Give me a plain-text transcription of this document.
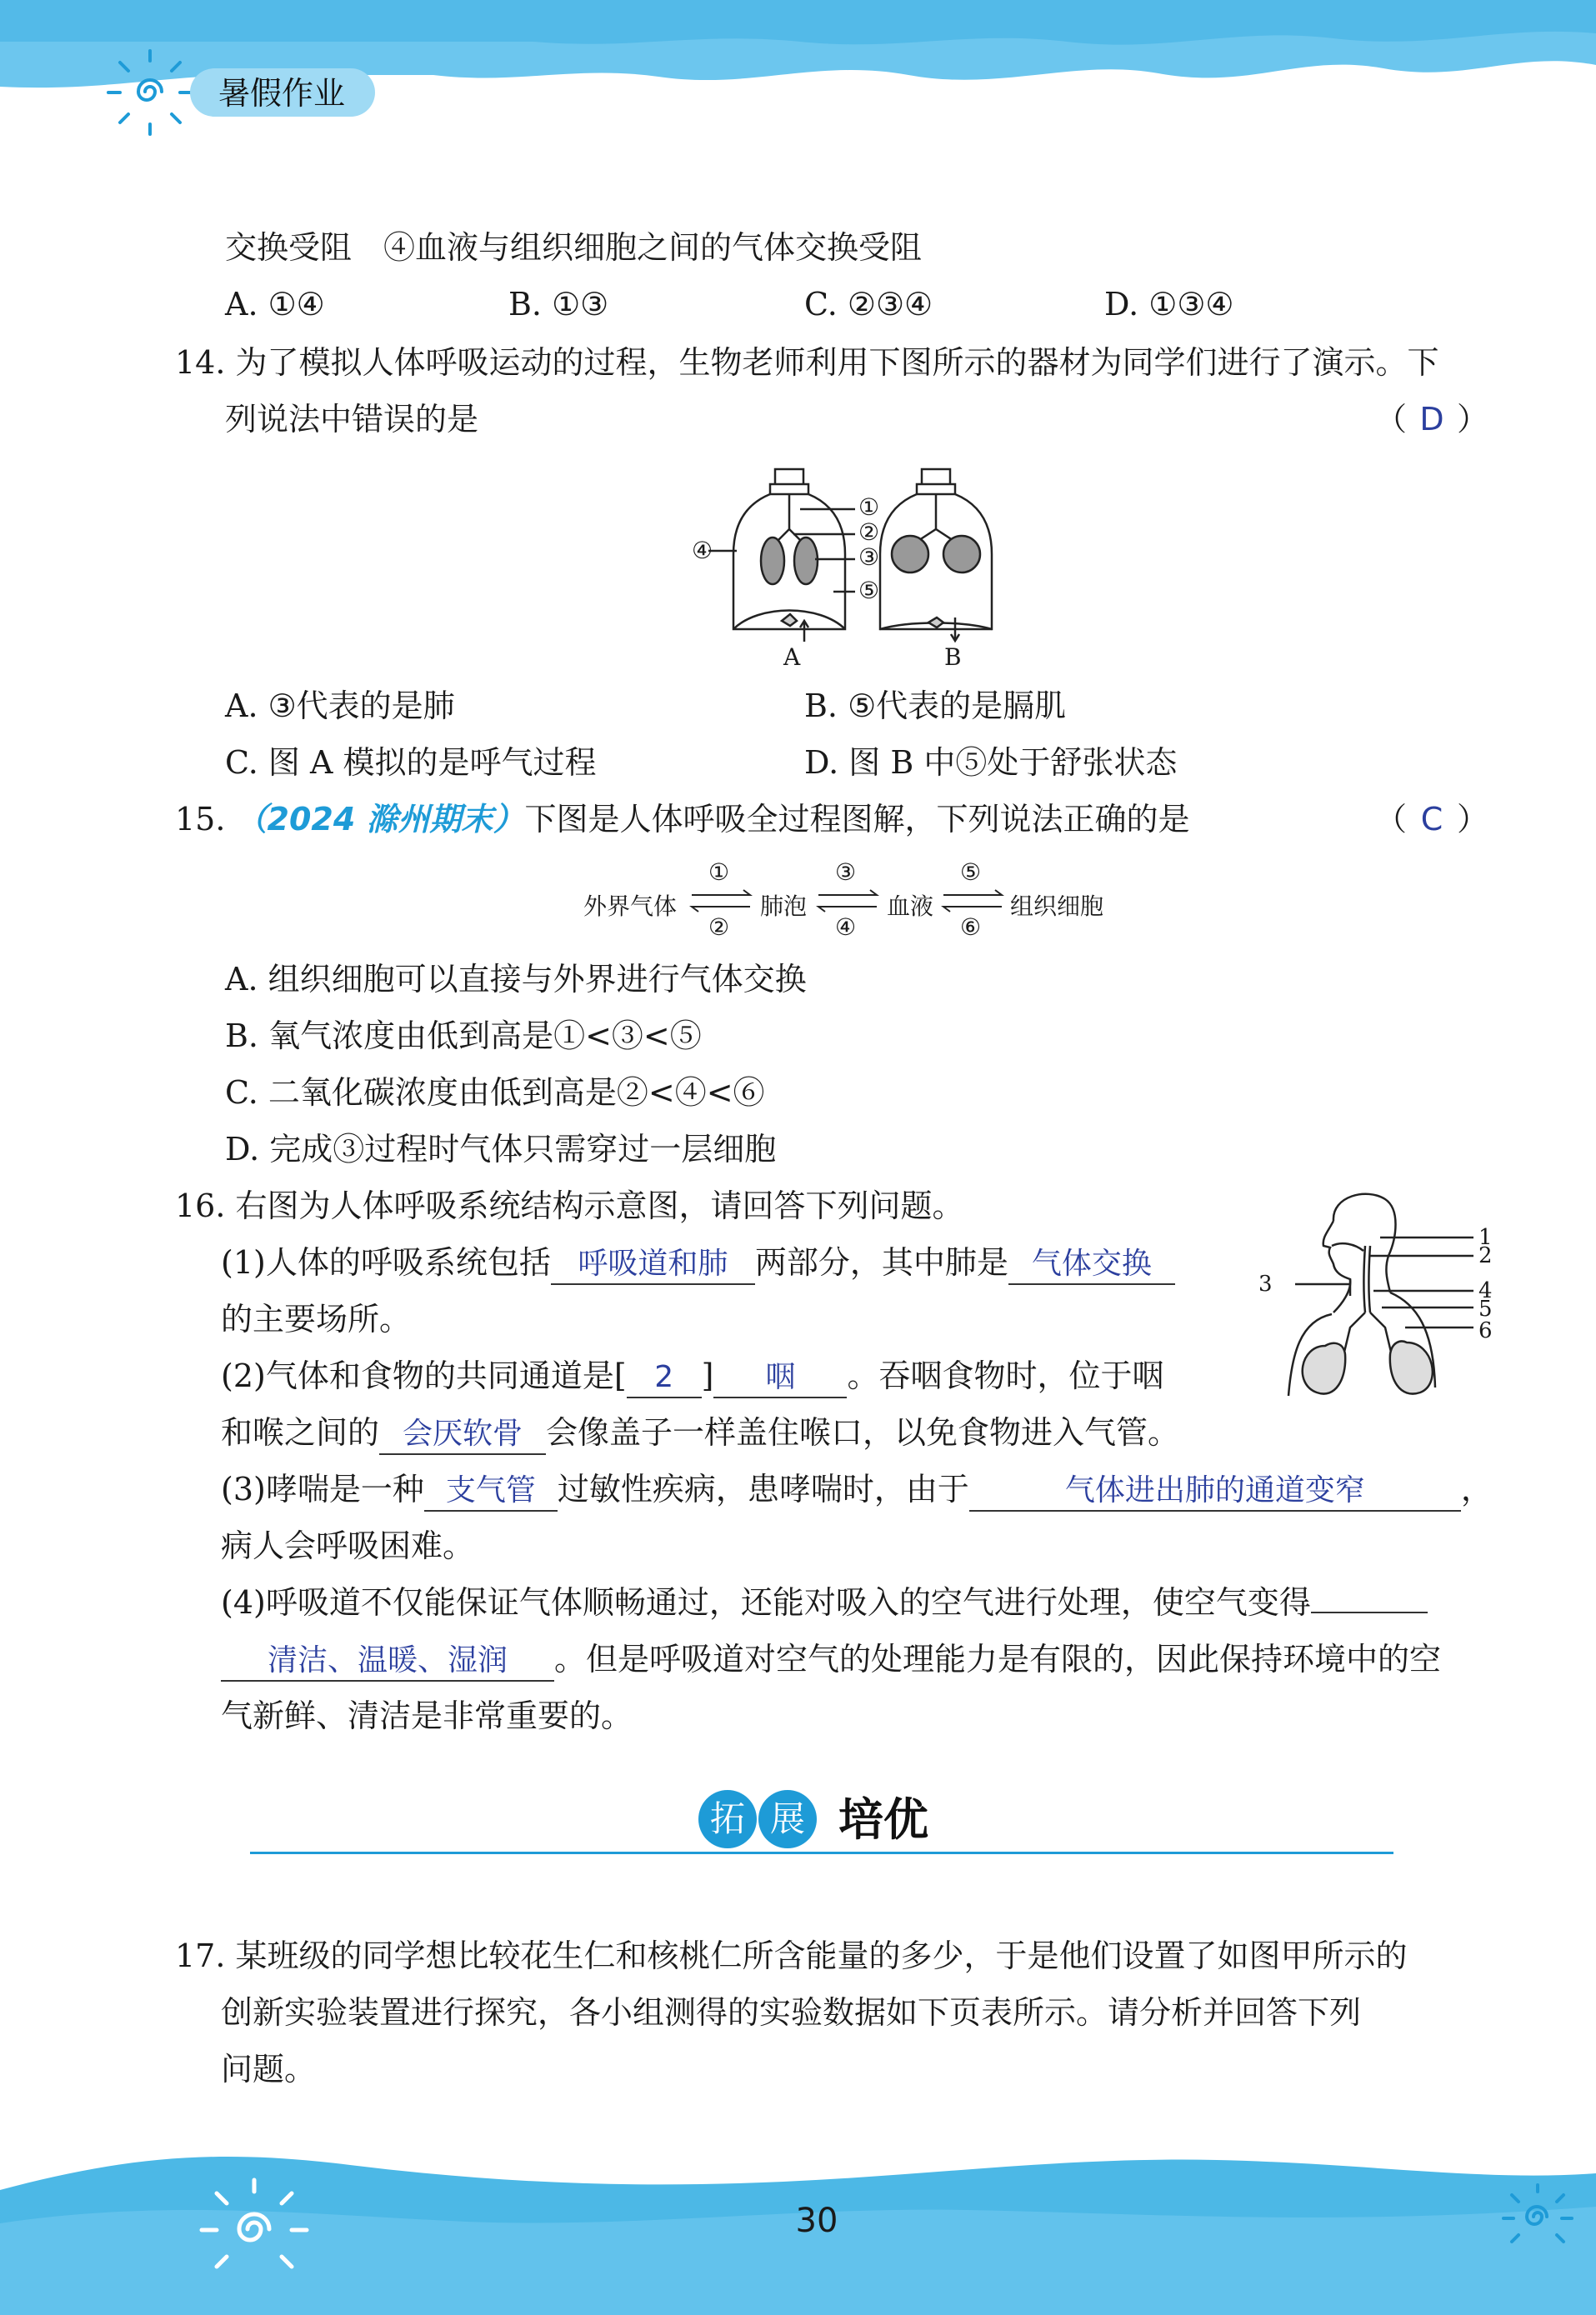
暑假作业
交换受阻　④血液与组织细胞之间的气体交换受阻
A. ①④	B. ①③	C. ②③④	D. ①③④
14. 为了模拟人体呼吸运动的过程，生物老师利用下图所示的器材为同学们进行了演示。下
列说法中错误的是	（ D ）
①
②
③
④
⑤
A	B
A. ③代表的是肺	B. ⑤代表的是膈肌
C. 图 A 模拟的是呼气过程	D. 图 B 中⑤处于舒张状态
15. （2024 滁州期末）下图是人体呼吸全过程图解，下列说法正确的是	（ C ）
外界气体	肺泡	血液	组织细胞
①	③	⑤
②	④	⑥
A. 组织细胞可以直接与外界进行气体交换
B. 氧气浓度由低到高是①<③<⑤
C. 二氧化碳浓度由低到高是②<④<⑥
D. 完成③过程时气体只需穿过一层细胞
16. 右图为人体呼吸系统结构示意图，请回答下列问题。
(1)人体的呼吸系统包括 呼吸道和肺 两部分，其中肺是 气体交换
的主要场所。
(2)气体和食物的共同通道是[ 2 ] 咽 。吞咽食物时，位于咽
和喉之间的 会厌软骨 会像盖子一样盖住喉口，以免食物进入气管。
(3)哮喘是一种 支气管 过敏性疾病，患哮喘时，由于	气体进出肺的通道变窄	，
病人会呼吸困难。
(4)呼吸道不仅能保证气体顺畅通过，还能对吸入的空气进行处理，使空气变得
清洁、温暖、湿润 。但是呼吸道对空气的处理能力是有限的，因此保持环境中的空
气新鲜、清洁是非常重要的。
1
2
3	4
5
6
拓 展 培优
17. 某班级的同学想比较花生仁和核桃仁所含能量的多少，于是他们设置了如图甲所示的
创新实验装置进行探究，各小组测得的实验数据如下页表所示。请分析并回答下列
问题。
30
